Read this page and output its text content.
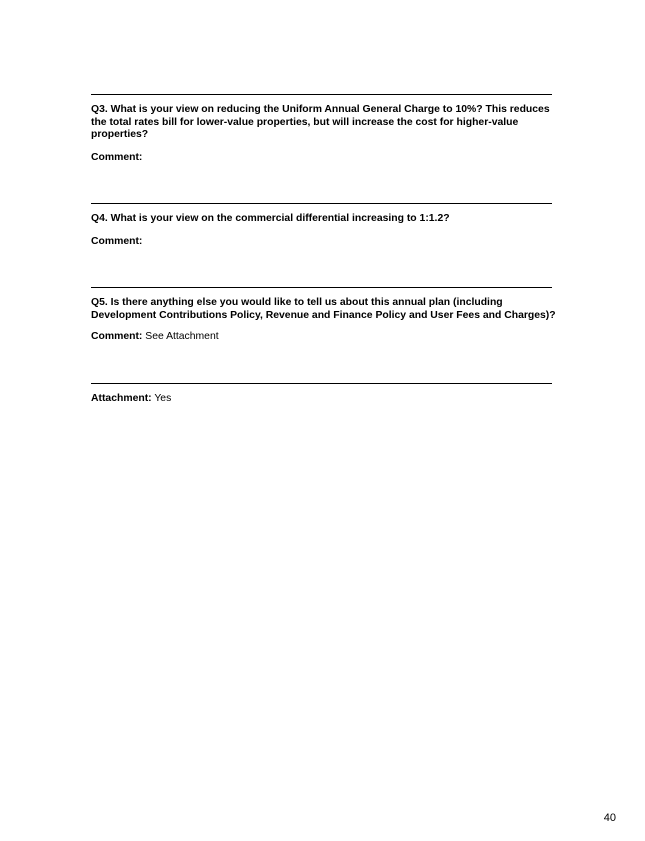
Q3. What is your view on reducing the Uniform Annual General Charge to 10%? This reduces the total rates bill for lower-value properties, but will increase the cost for higher-value properties?

Comment:

Q4. What is your view on the commercial differential increasing to 1:1.2?

Comment:

Q5. Is there anything else you would like to tell us about this annual plan (including Development Contributions Policy, Revenue and Finance Policy and User Fees and Charges)?

Comment: See Attachment

Attachment: Yes

40
